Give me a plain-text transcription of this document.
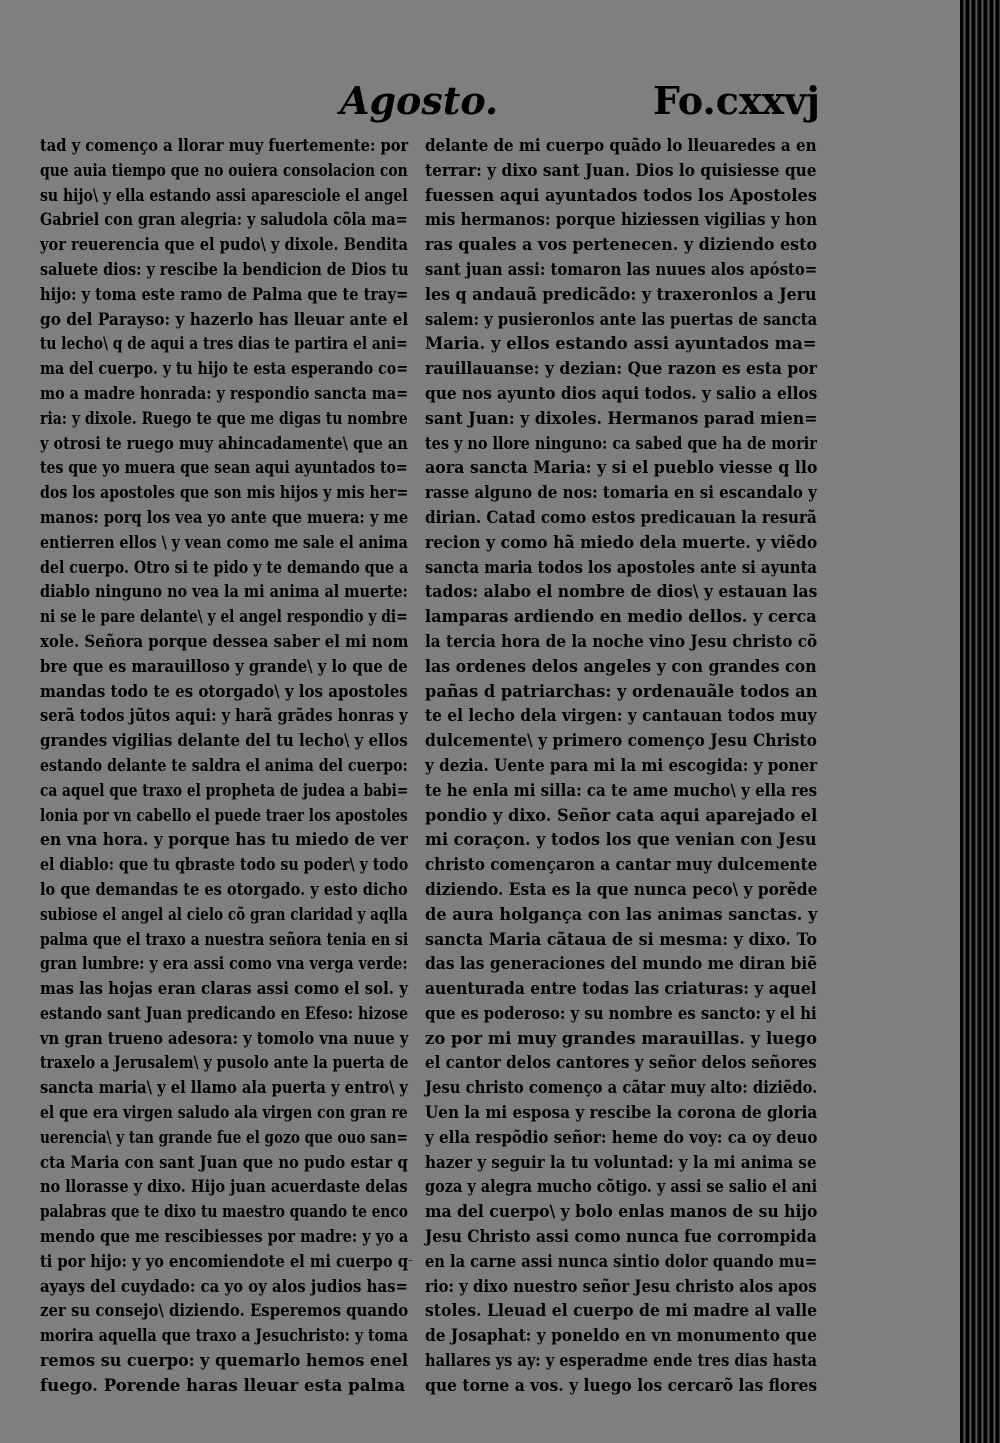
Agosto.	Fo.cxxvj
tad y començo a llorar muy fuertemente: por
que auia tiempo que no ouiera consolacion con
su hijo\ y ella estando assi aparesciole el angel
Gabriel con gran alegria: y saludola cõla ma=
yor reuerencia que el pudo\ y dixole. Bendita
saluete dios: y rescibe la bendicion de Dios tu
hijo: y toma este ramo de Palma que te tray=
go del Parayso: y hazerlo has lleuar ante el
tu lecho\ q de aqui a tres dias te partira el ani=
ma del cuerpo. y tu hijo te esta esperando co=
mo a madre honrada: y respondio sancta ma=
ria: y dixole. Ruego te que me digas tu nombre
y otrosi te ruego muy ahincadamente\ que an
tes que yo muera que sean aqui ayuntados to=
dos los apostoles que son mis hijos y mis her=
manos: porq los vea yo ante que muera: y me
entierren ellos \ y vean como me sale el anima
del cuerpo. Otro si te pido y te demando que a
diablo ninguno no vea la mi anima al muerte:
ni se le pare delante\ y el angel respondio y di=
xole. Señora porque dessea saber el mi nom
bre que es marauilloso y grande\ y lo que de
mandas todo te es otorgado\ y los apostoles
serã todos jũtos aqui: y harã grãdes honras y
grandes vigilias delante del tu lecho\ y ellos
estando delante te saldra el anima del cuerpo:
ca aquel que traxo el propheta de judea a babi=
lonia por vn cabello el puede traer los apostoles
en vna hora. y porque has tu miedo de ver
el diablo: que tu qbraste todo su poder\ y todo
lo que demandas te es otorgado. y esto dicho
subiose el angel al cielo cõ gran claridad y aqlla
palma que el traxo a nuestra señora tenia en si
gran lumbre: y era assi como vna verga verde:
mas las hojas eran claras assi como el sol. y
estando sant Juan predicando en Efeso: hizose
vn gran trueno adesora: y tomolo vna nuue y
traxelo a Jerusalem\ y pusolo ante la puerta de
sancta maria\ y el llamo ala puerta y entro\ y
el que era virgen saludo ala virgen con gran re
uerencia\ y tan grande fue el gozo que ouo san=
cta Maria con sant Juan que no pudo estar q
no llorasse y dixo. Hijo juan acuerdaste delas
palabras que te dixo tu maestro quando te enco
mendo que me rescibiesses por madre: y yo a
ti por hijo: y yo encomiendote el mi cuerpo q
ayays del cuydado: ca yo oy alos judios has=
zer su consejo\ diziendo. Esperemos quando
morira aquella que traxo a Jesuchristo: y toma
remos su cuerpo: y quemarlo hemos enel
fuego. Porende haras lleuar esta palma
delante de mi cuerpo quãdo lo lleuaredes a en
terrar: y dixo sant Juan. Dios lo quisiesse que
fuessen aqui ayuntados todos los Apostoles
mis hermanos: porque hiziessen vigilias y hon
ras quales a vos pertenecen. y diziendo esto
sant juan assi: tomaron las nuues alos apósto=
les q andauã predicãdo: y traxeronlos a Jeru
salem: y pusieronlos ante las puertas de sancta
Maria. y ellos estando assi ayuntados ma=
rauillauanse: y dezian: Que razon es esta por
que nos ayunto dios aqui todos. y salio a ellos
sant Juan: y dixoles. Hermanos parad mien=
tes y no llore ninguno: ca sabed que ha de morir
aora sancta Maria: y si el pueblo viesse q llo
rasse alguno de nos: tomaria en si escandalo y
dirian. Catad como estos predicauan la resurã
recion y como hã miedo dela muerte. y viẽdo
sancta maria todos los apostoles ante si ayunta
tados: alabo el nombre de dios\ y estauan las
lamparas ardiendo en medio dellos. y cerca
la tercia hora de la noche vino Jesu christo cõ
las ordenes delos angeles y con grandes con
pañas d patriarchas: y ordenauãle todos an
te el lecho dela virgen: y cantauan todos muy
dulcemente\ y primero començo Jesu Christo
y dezia. Uente para mi la mi escogida: y poner
te he enla mi silla: ca te ame mucho\ y ella res
pondio y dixo. Señor cata aqui aparejado el
mi coraçon. y todos los que venian con Jesu
christo començaron a cantar muy dulcemente
diziendo. Esta es la que nunca peco\ y porẽde
de aura holgança con las animas sanctas. y
sancta Maria cãtaua de si mesma: y dixo. To
das las generaciones del mundo me diran biẽ
auenturada entre todas las criaturas: y aquel
que es poderoso: y su nombre es sancto: y el hi
zo por mi muy grandes marauillas. y luego
el cantor delos cantores y señor delos señores
Jesu christo començo a cãtar muy alto: diziẽdo.
Uen la mi esposa y rescibe la corona de gloria
y ella respõdio señor: heme do voy: ca oy deuo
hazer y seguir la tu voluntad: y la mi anima se
goza y alegra mucho cõtigo. y assi se salio el ani
ma del cuerpo\ y bolo enlas manos de su hijo
Jesu Christo assi como nunca fue corrompida
en la carne assi nunca sintio dolor quando mu=
rio: y dixo nuestro señor Jesu christo alos apos
stoles. Lleuad el cuerpo de mi madre al valle
de Josaphat: y poneldo en vn monumento que
hallares ys ay: y esperadme ende tres dias hasta
que torne a vos. y luego los cercarõ las flores
-
